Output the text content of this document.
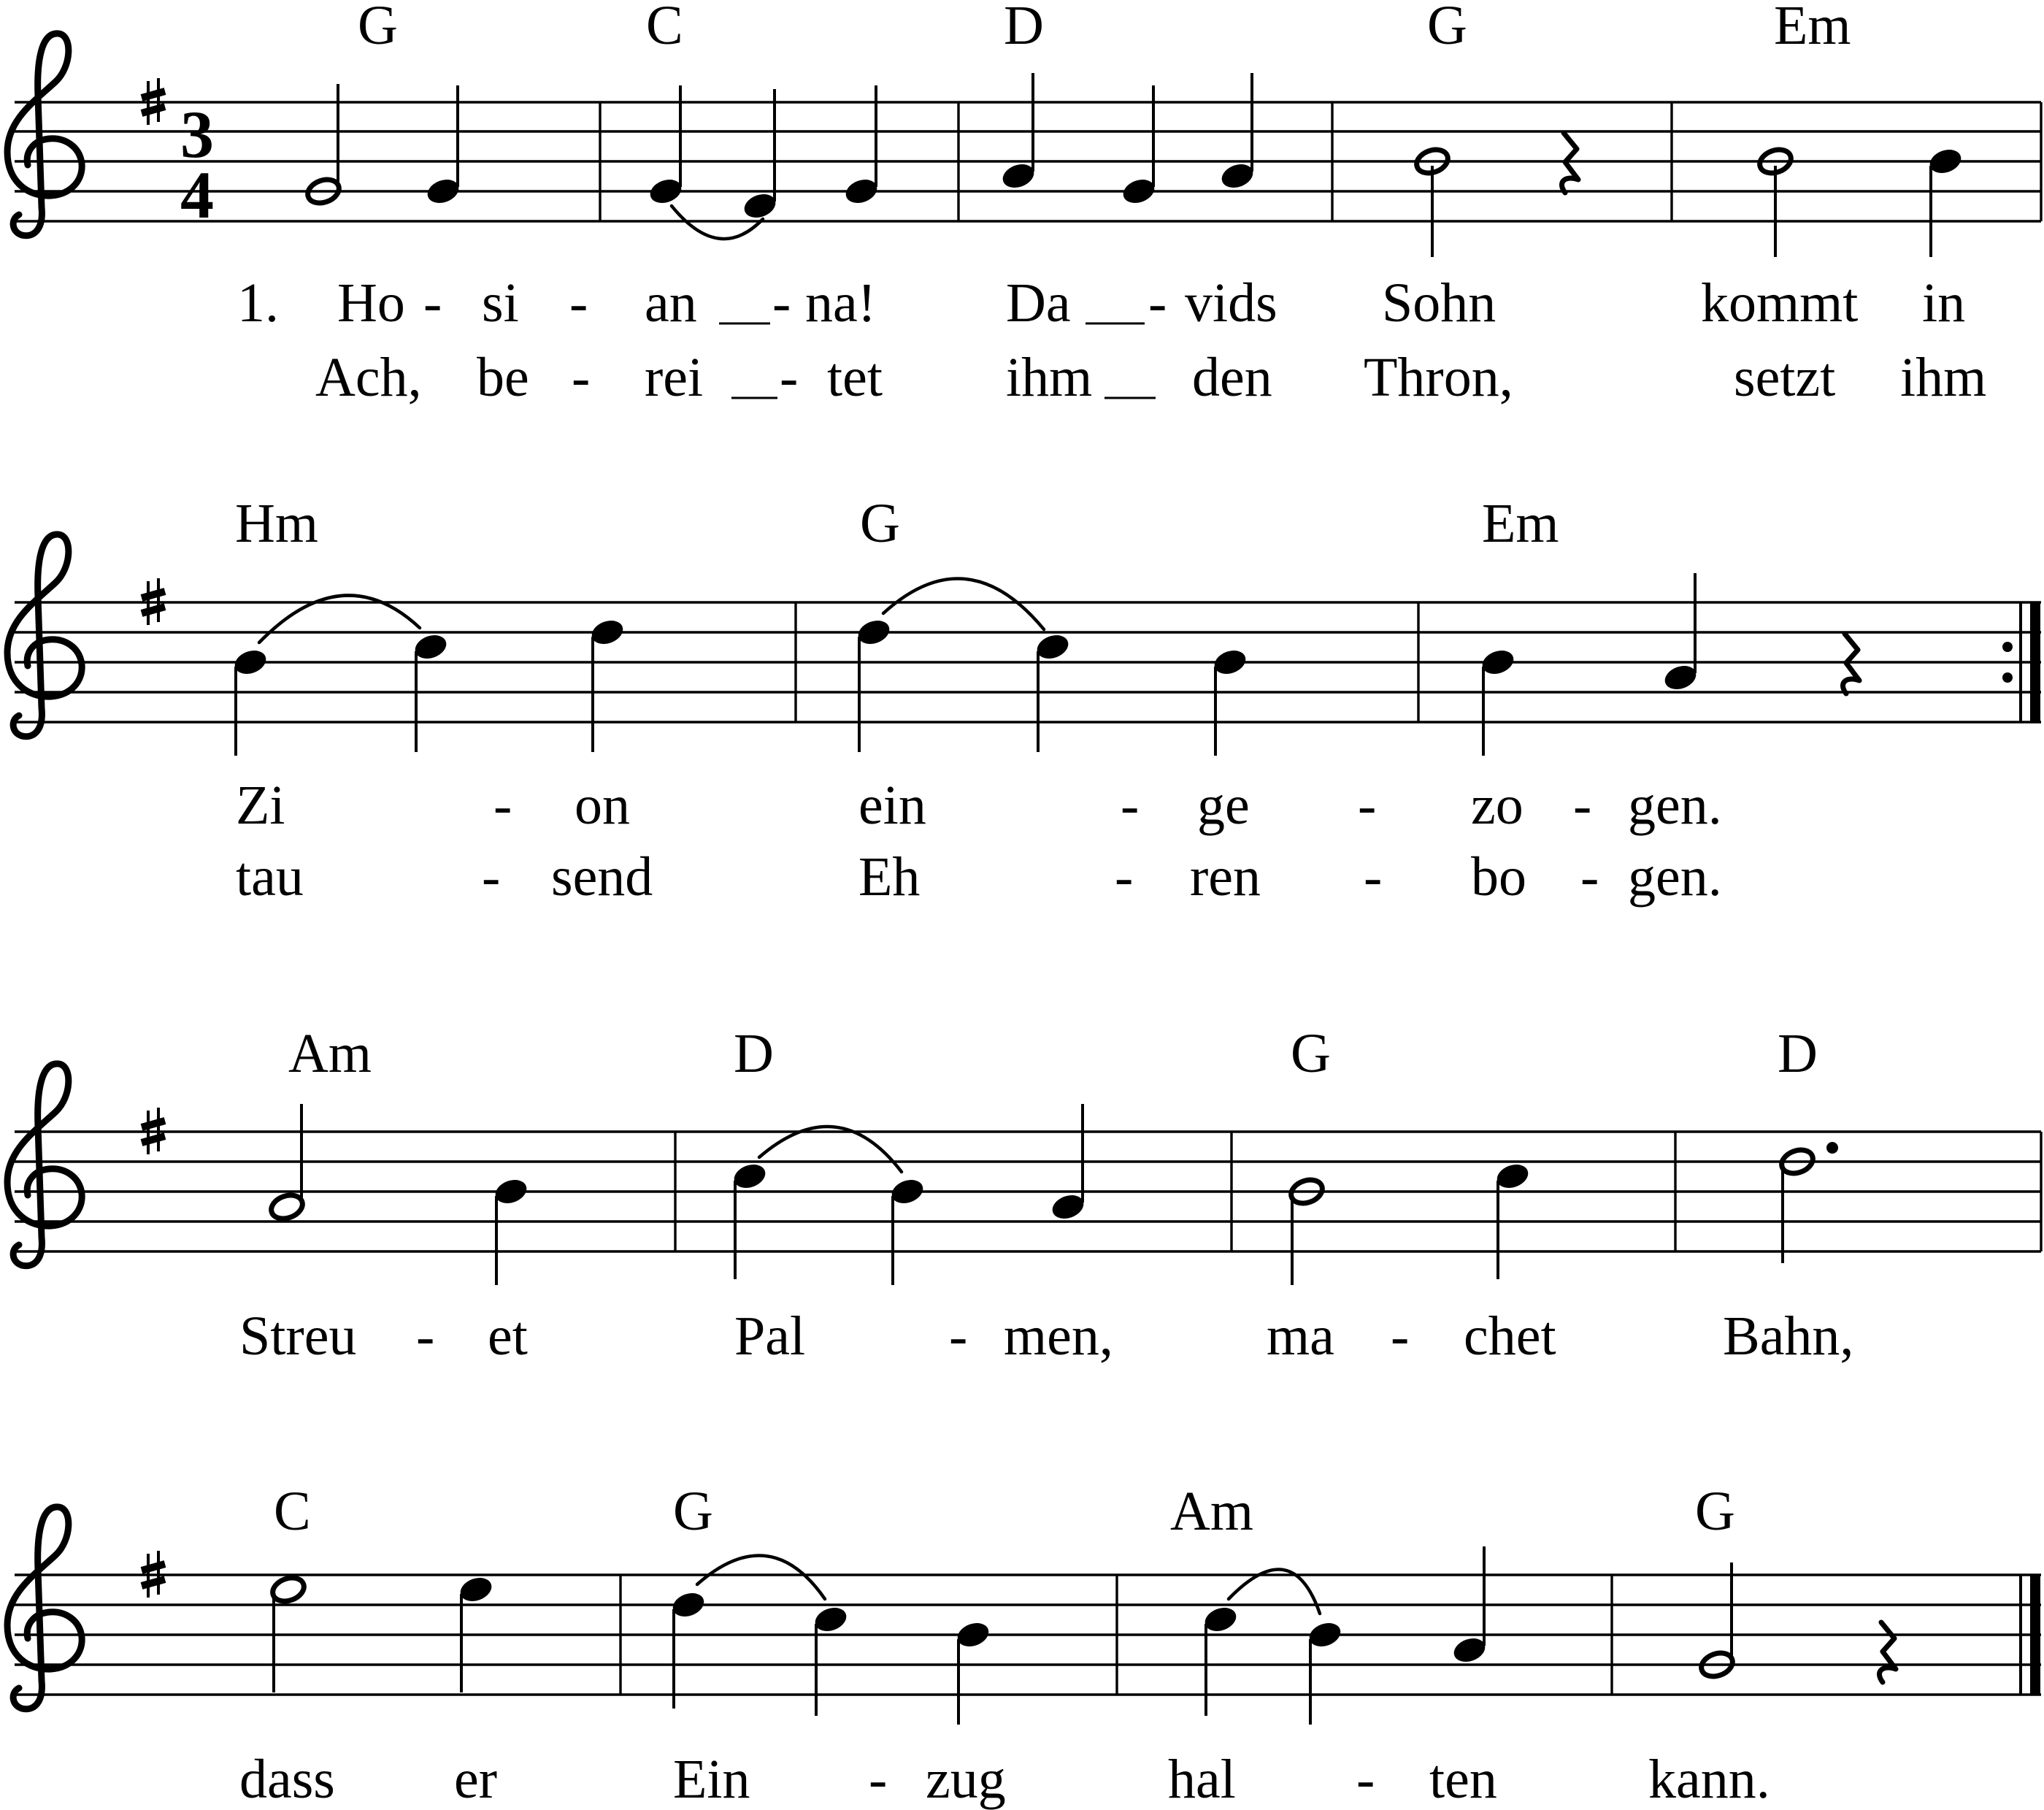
G	C	D	G	Em
3
4
1. Ho - si - an - na! Da - vids Sohn	kommt in
Ach, be - rei - tet ihm den Thron,	setzt ihm
Hm	G	Em
Zi	- on	ein	- ge - zo - gen.
tau	- send	Eh	- ren - bo - gen.
Am	D	G	D
Streu - et	Pal	- men,	ma - chet	Bahn,
C	G	Am	G
dass er	Ein - zug	hal - ten	kann.
